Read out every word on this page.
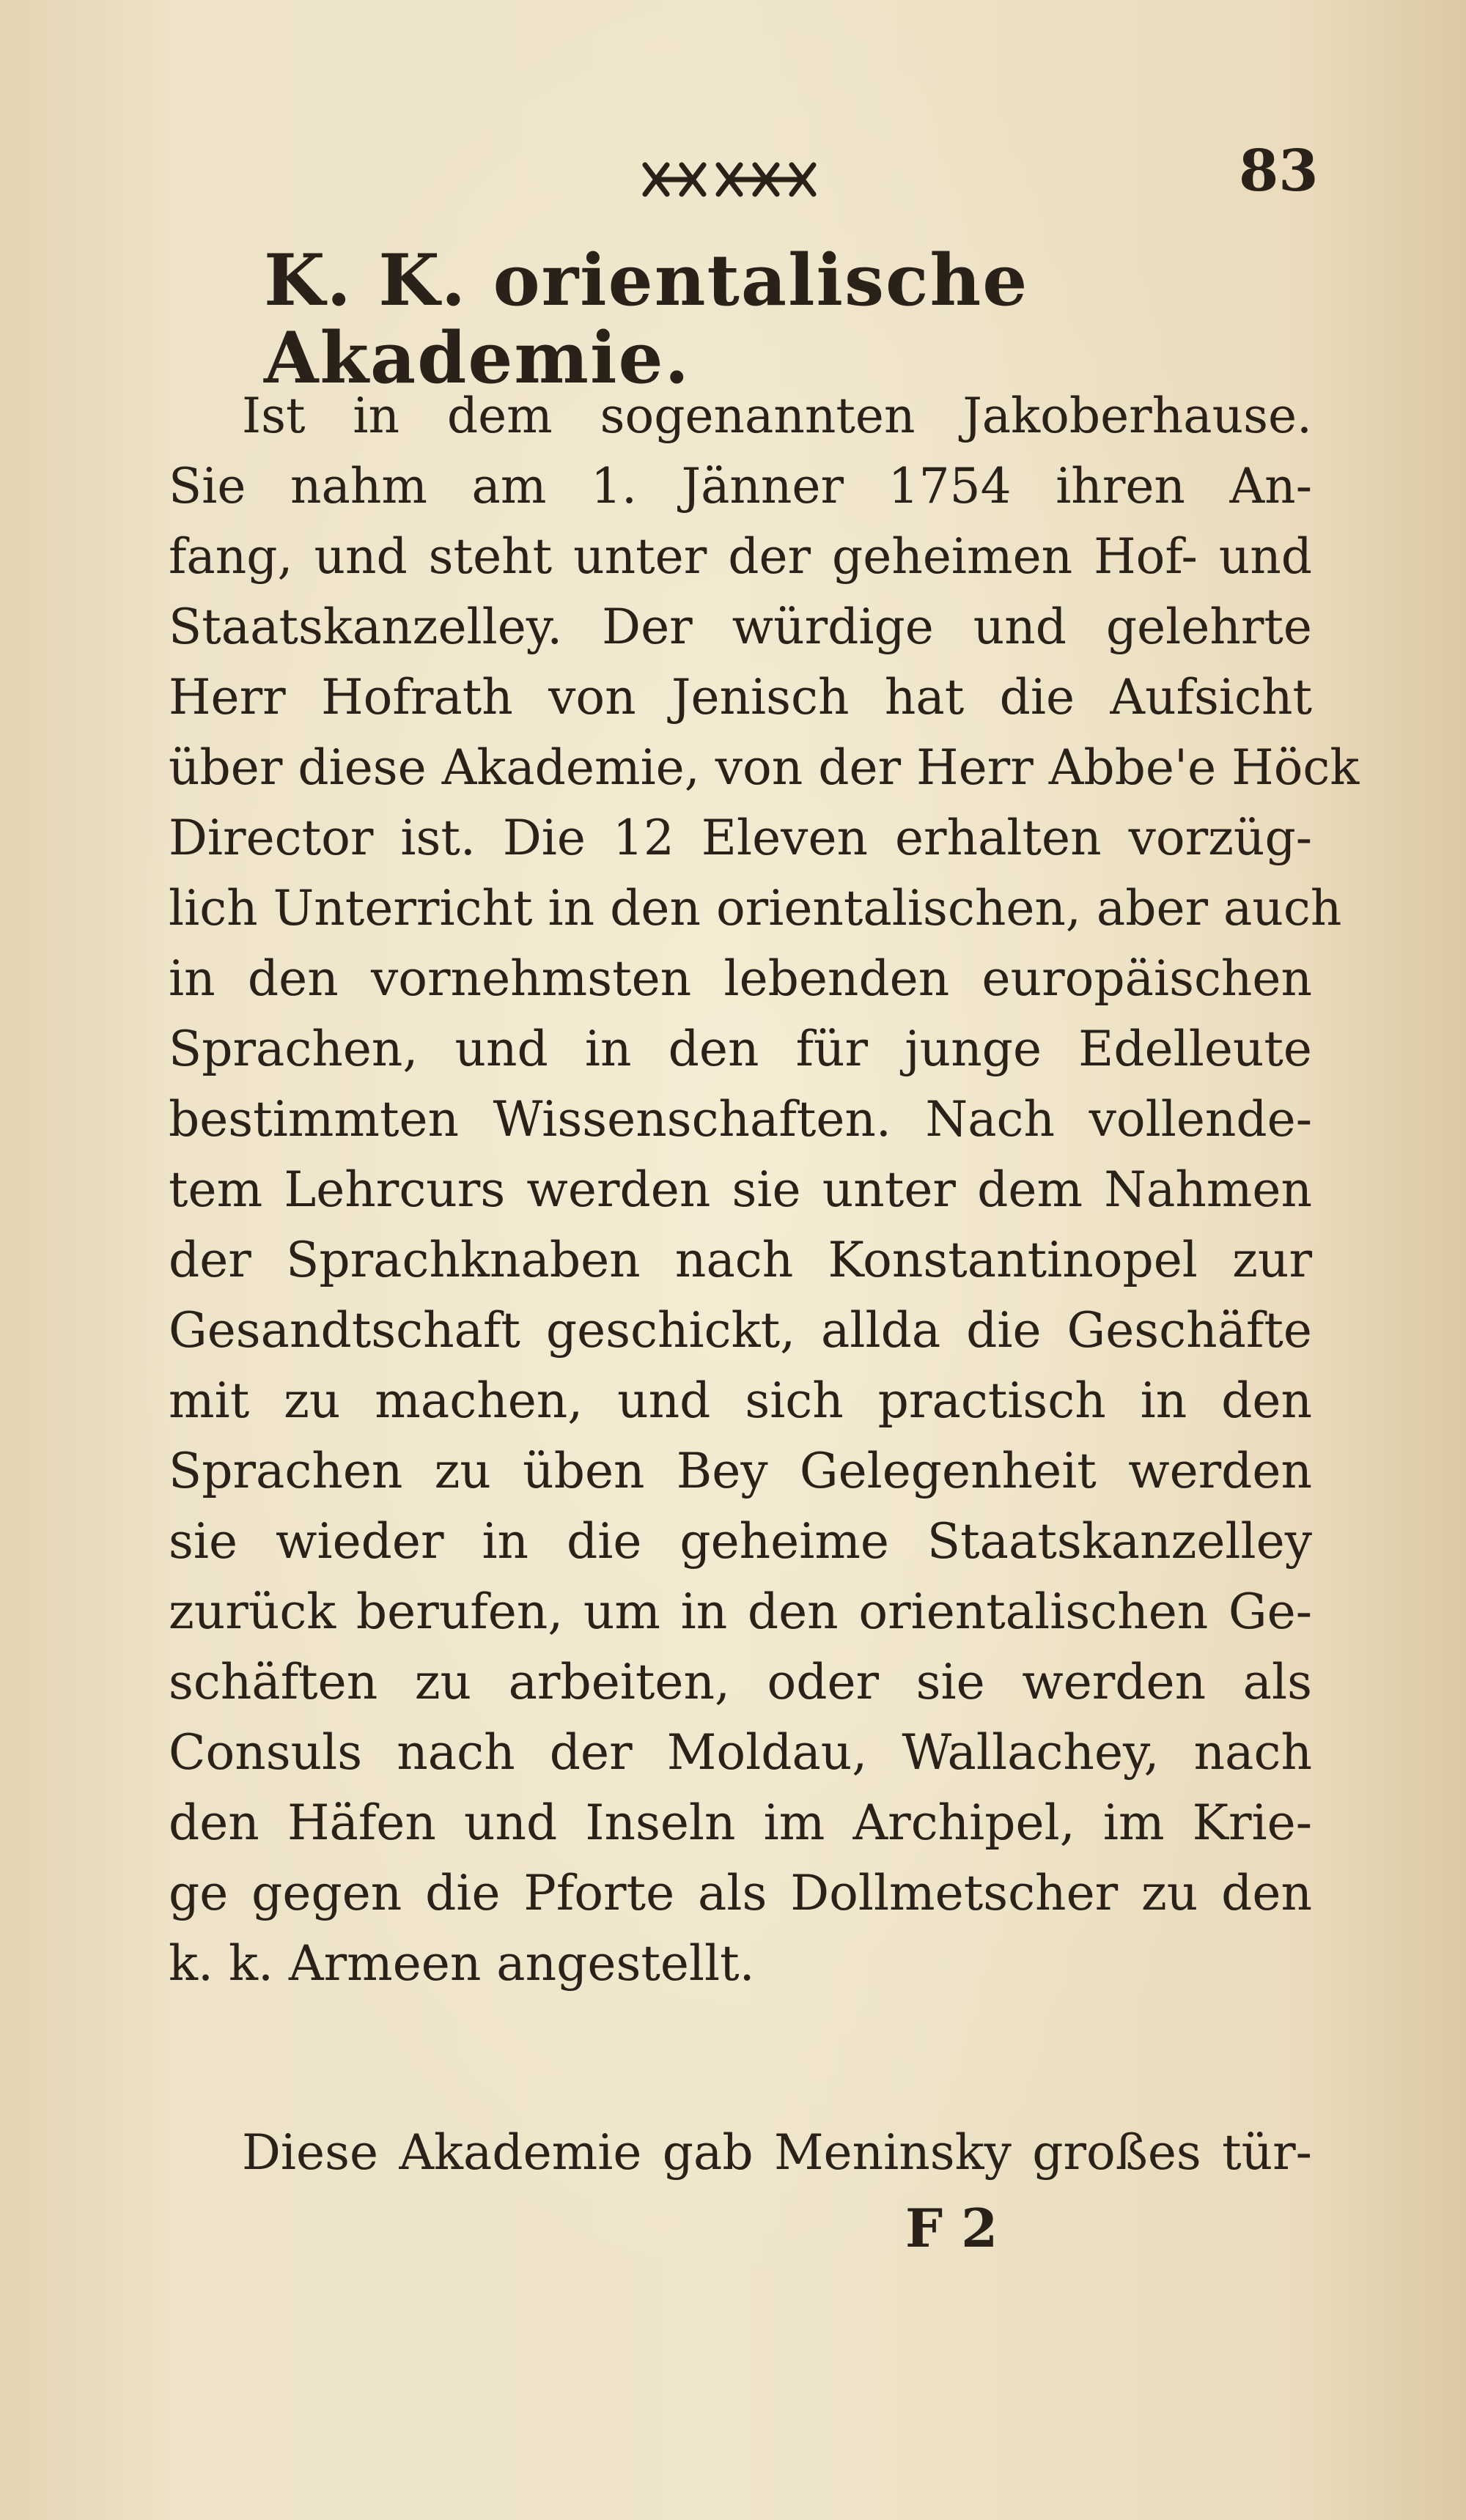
83
K. K. orientalische Akademie.
Ist in dem sogenannten Jakoberhause.
Sie nahm am 1. Jänner 1754 ihren An-
fang, und steht unter der geheimen Hof- und
Staatskanzelley. Der würdige und gelehrte
Herr Hofrath von Jenisch hat die Aufsicht
über diese Akademie, von der Herr Abbe'e Höck
Director ist. Die 12 Eleven erhalten vorzüg-
lich Unterricht in den orientalischen, aber auch
in den vornehmsten lebenden europäischen
Sprachen, und in den für junge Edelleute
bestimmten Wissenschaften. Nach vollende-
tem Lehrcurs werden sie unter dem Nahmen
der Sprachknaben nach Konstantinopel zur
Gesandtschaft geschickt, allda die Geschäfte
mit zu machen, und sich practisch in den
Sprachen zu üben Bey Gelegenheit werden
sie wieder in die geheime Staatskanzelley
zurück berufen, um in den orientalischen Ge-
schäften zu arbeiten, oder sie werden als
Consuls nach der Moldau, Wallachey, nach
den Häfen und Inseln im Archipel, im Krie-
ge gegen die Pforte als Dollmetscher zu den
k. k. Armeen angestellt.
Diese Akademie gab Meninsky großes tür-
F 2
